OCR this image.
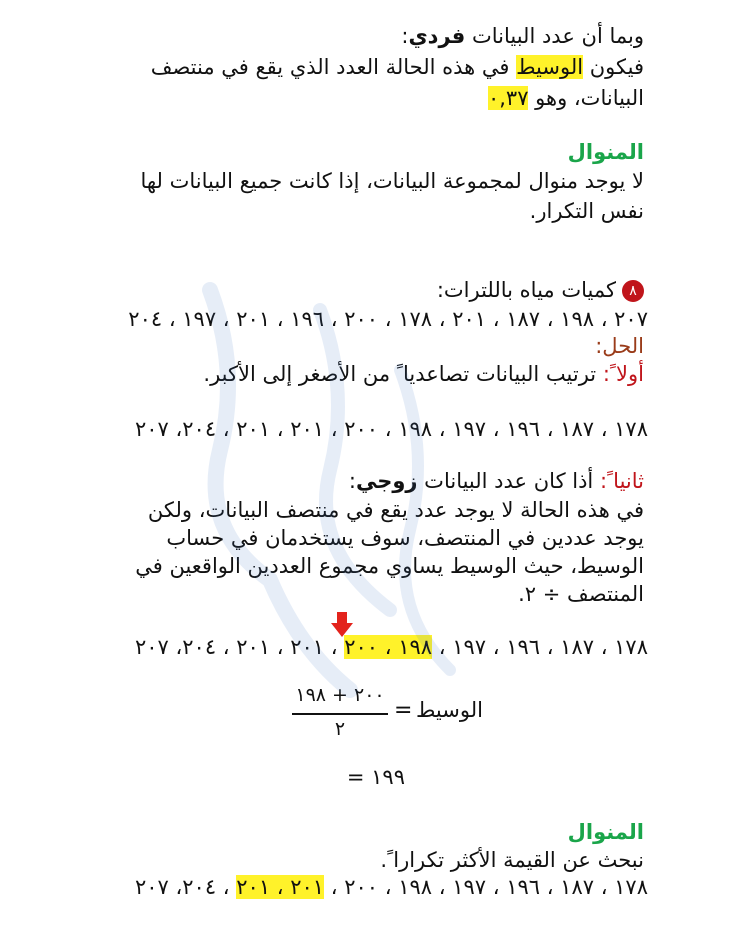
وبما أن عدد البيانات فردي:
فيكون الوسيط في هذه الحالة العدد الذي يقع في منتصف
البيانات، وهو ٠,٣٧
المنوال
لا يوجد منوال لمجموعة البيانات، إذا كانت جميع البيانات لها
نفس التكرار.
٨كميات مياه باللترات:
٢٠٧ ، ١٩٨ ، ١٨٧ ، ٢٠١ ، ١٧٨ ، ٢٠٠ ، ١٩٦ ، ٢٠١ ، ١٩٧ ، ٢٠٤
الحل:
أولا ً: ترتيب البيانات تصاعديا ً من الأصغر إلى الأكبر.
١٧٨ ، ١٨٧ ، ١٩٦ ، ١٩٧ ، ١٩٨ ، ٢٠٠ ، ٢٠١ ، ٢٠١ ، ٢٠٤، ٢٠٧
ثانيا ً: أذا كان عدد البيانات زوجي:
في هذه الحالة لا يوجد عدد يقع في منتصف البيانات، ولكن
يوجد عددين في المنتصف، سوف يستخدمان في حساب
الوسيط، حيث الوسيط يساوي مجموع العددين الواقعين في
المنتصف ÷ ٢.
١٧٨ ، ١٨٧ ، ١٩٦ ، ١٩٧ ، ١٩٨ ، ٢٠٠ ، ٢٠١ ، ٢٠١ ، ٢٠٤، ٢٠٧
الوسيط
=
٢٠٠ + ١٩٨
٢
١٩٩ =
المنوال
نبحث عن القيمة الأكثر تكرارا ً.
١٧٨ ، ١٨٧ ، ١٩٦ ، ١٩٧ ، ١٩٨ ، ٢٠٠ ، ٢٠١ ، ٢٠١ ، ٢٠٤، ٢٠٧
